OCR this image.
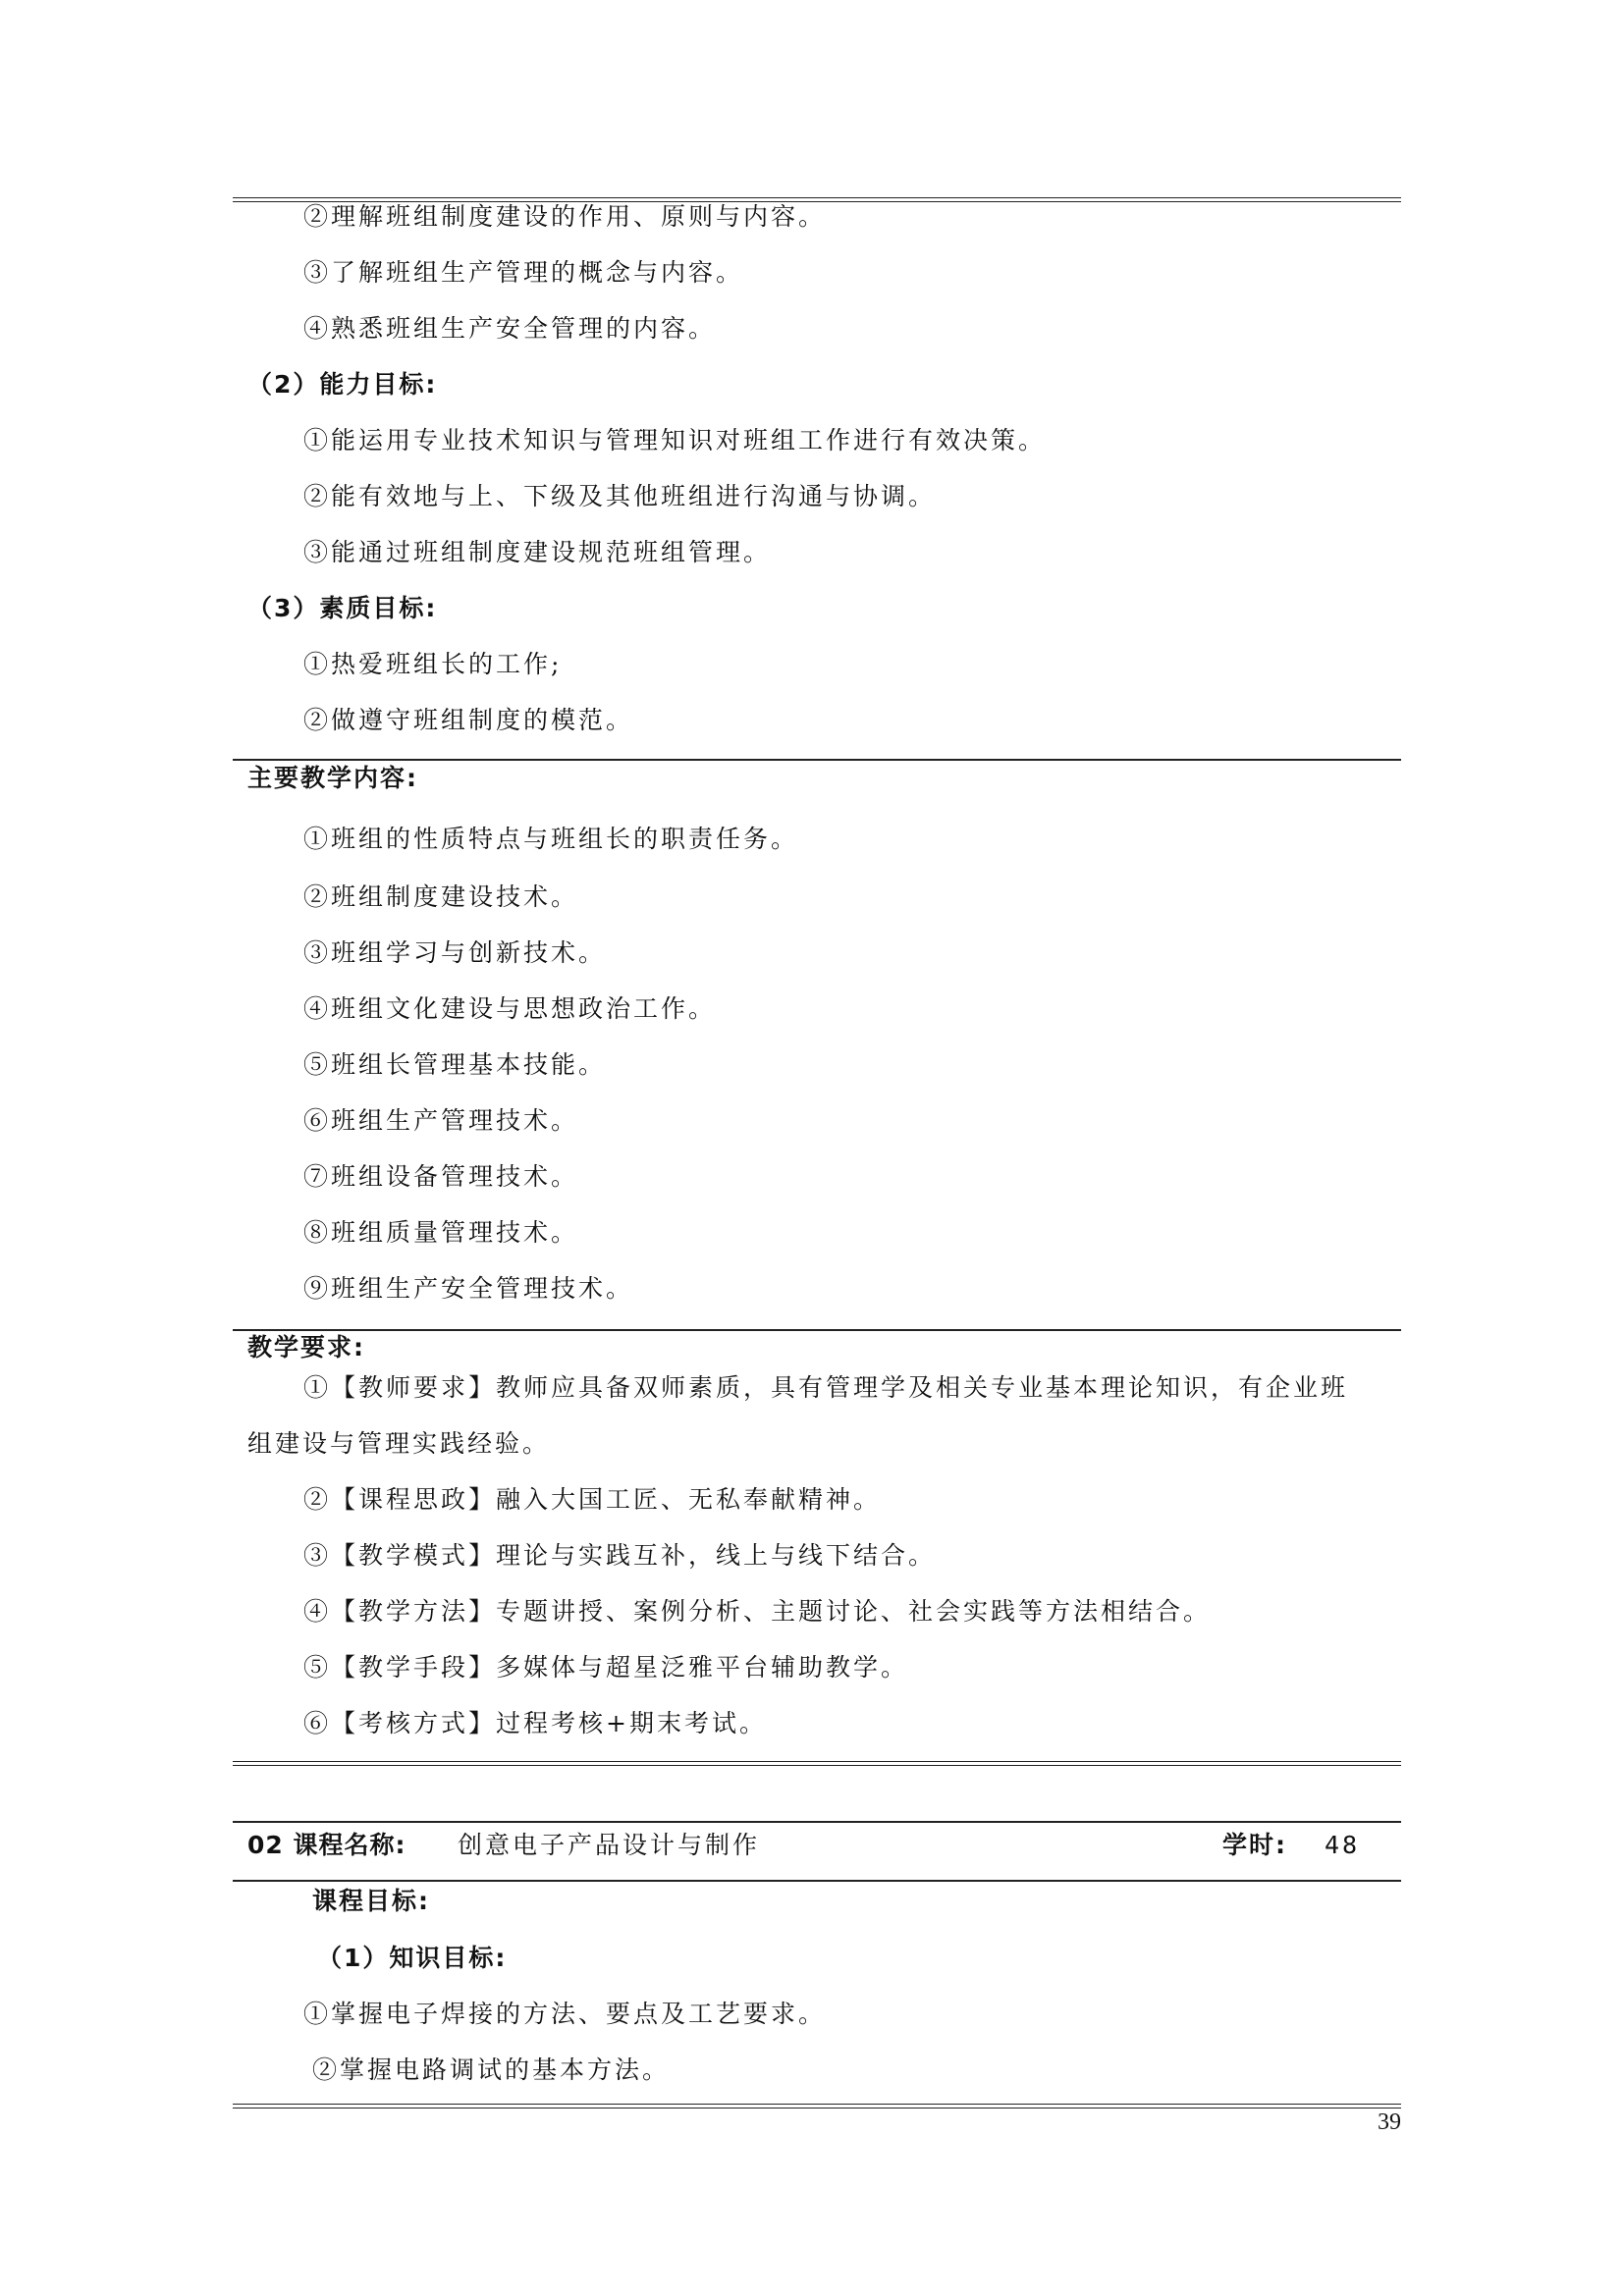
②理解班组制度建设的作用、原则与内容。
③了解班组生产管理的概念与内容。
④熟悉班组生产安全管理的内容。
（2）能力目标:
①能运用专业技术知识与管理知识对班组工作进行有效决策。
②能有效地与上、下级及其他班组进行沟通与协调。
③能通过班组制度建设规范班组管理。
（3）素质目标:
①热爱班组长的工作;
②做遵守班组制度的模范。
主要教学内容:
①班组的性质特点与班组长的职责任务。
②班组制度建设技术。
③班组学习与创新技术。
④班组文化建设与思想政治工作。
⑤班组长管理基本技能。
⑥班组生产管理技术。
⑦班组设备管理技术。
⑧班组质量管理技术。
⑨班组生产安全管理技术。
教学要求:
①【教师要求】教师应具备双师素质，具有管理学及相关专业基本理论知识，有企业班
组建设与管理实践经验。
②【课程思政】融入大国工匠、无私奉献精神。
③【教学模式】理论与实践互补，线上与线下结合。
④【教学方法】专题讲授、案例分析、主题讨论、社会实践等方法相结合。
⑤【教学手段】多媒体与超星泛雅平台辅助教学。
⑥【考核方式】过程考核+期末考试。
02 课程名称: 创意电子产品设计与制作	学时: 48
课程目标:
（1）知识目标:
①掌握电子焊接的方法、要点及工艺要求。
②掌握电路调试的基本方法。
39
